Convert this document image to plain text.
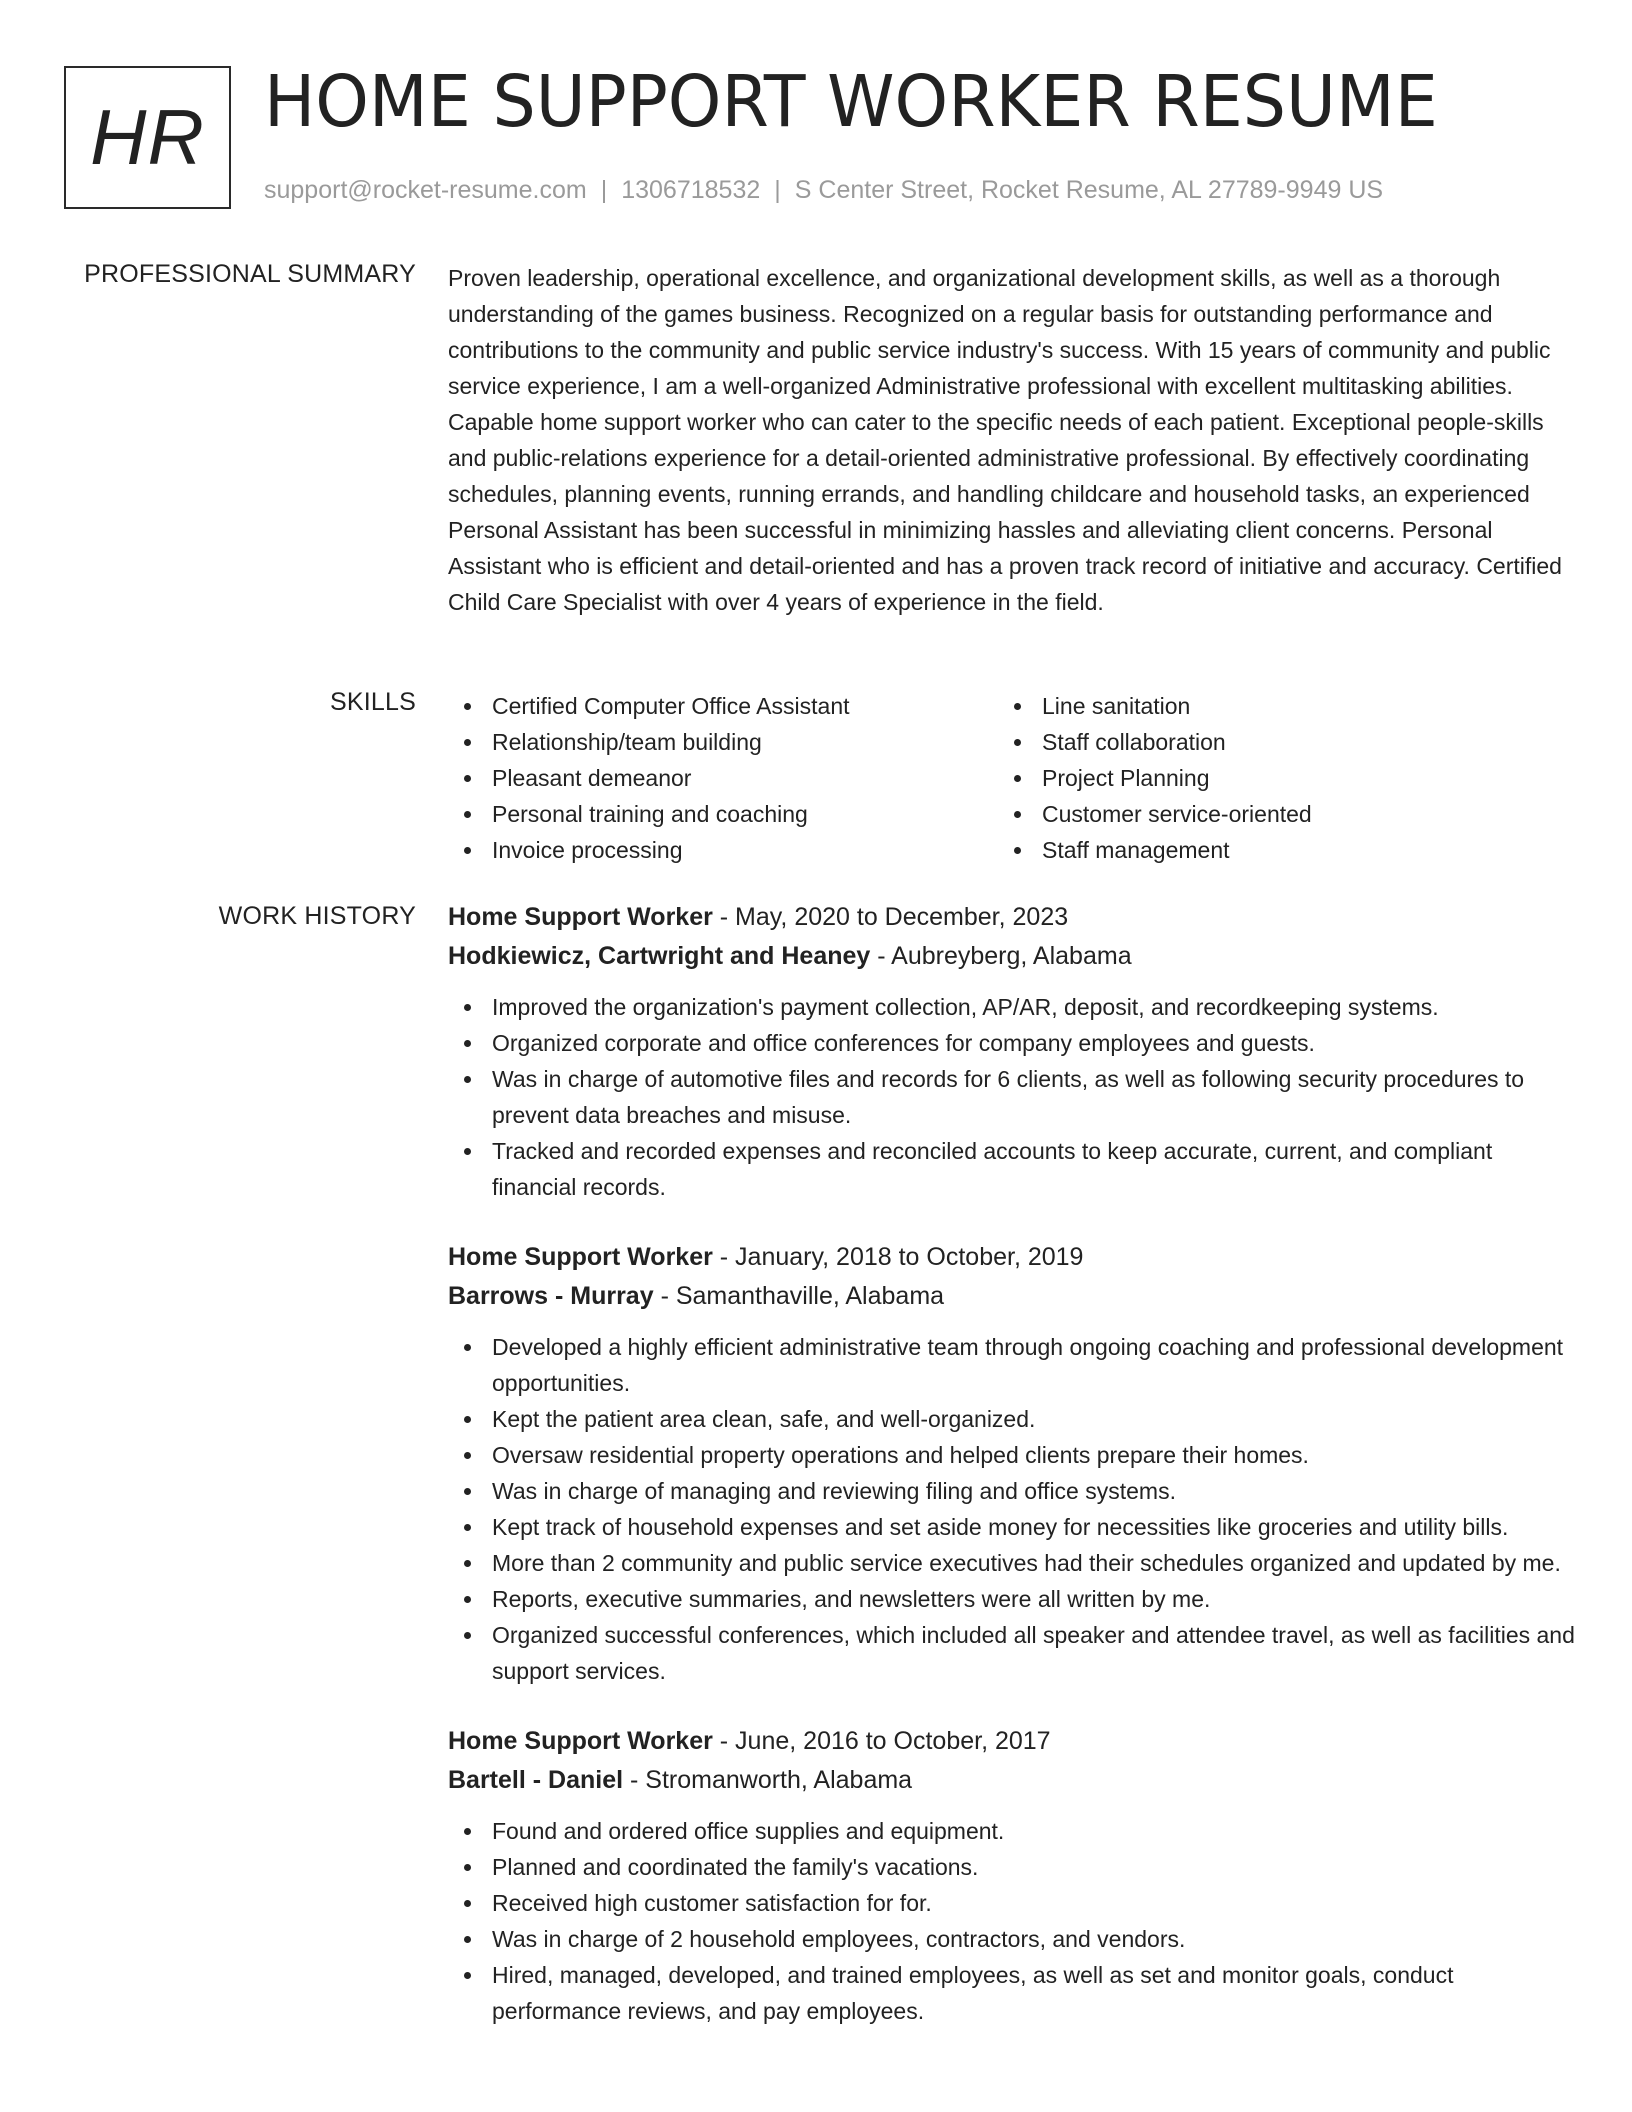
HR HOME SUPPORT WORKER RESUME
support@rocket-resume.com | 1306718532 | S Center Street, Rocket Resume, AL 27789-9949 US
PROFESSIONAL SUMMARY Proven leadership, operational excellence, and organizational development skills, as well as a thorough understanding of the games business. Recognized on a regular basis for outstanding performance and contributions to the community and public service industry's success. With 15 years of community and public service experience, I am a well-organized Administrative professional with excellent multitasking abilities. Capable home support worker who can cater to the specific needs of each patient. Exceptional people-skills and public-relations experience for a detail-oriented administrative professional. By effectively coordinating schedules, planning events, running errands, and handling childcare and household tasks, an experienced Personal Assistant has been successful in minimizing hassles and alleviating client concerns. Personal Assistant who is efficient and detail-oriented and has a proven track record of initiative and accuracy. Certified Child Care Specialist with over 4 years of experience in the field.

SKILLS	Certified Computer Office Assistant
Relationship/team building
Pleasant demeanor
Personal training and coaching
Invoice processing
Line sanitation
Staff collaboration
Project Planning
Customer service-oriented
Staff management
WORK HISTORY Home Support Worker - May, 2020 to December, 2023
Hodkiewicz, Cartwright and Heaney - Aubreyberg, Alabama
Improved the organization's payment collection, AP/AR, deposit, and recordkeeping systems.
Organized corporate and office conferences for company employees and guests.
Was in charge of automotive files and records for 6 clients, as well as following security procedures to prevent data breaches and misuse.
Tracked and recorded expenses and reconciled accounts to keep accurate, current, and compliant financial records.
Home Support Worker - January, 2018 to October, 2019
Barrows - Murray - Samanthaville, Alabama
Developed a highly efficient administrative team through ongoing coaching and professional development opportunities.
Kept the patient area clean, safe, and well-organized.
Oversaw residential property operations and helped clients prepare their homes.
Was in charge of managing and reviewing filing and office systems.
Kept track of household expenses and set aside money for necessities like groceries and utility bills.
More than 2 community and public service executives had their schedules organized and updated by me.
Reports, executive summaries, and newsletters were all written by me.
Organized successful conferences, which included all speaker and attendee travel, as well as facilities and support services.
Home Support Worker - June, 2016 to October, 2017
Bartell - Daniel - Stromanworth, Alabama
Found and ordered office supplies and equipment.
Planned and coordinated the family's vacations.
Received high customer satisfaction for for.
Was in charge of 2 household employees, contractors, and vendors.
Hired, managed, developed, and trained employees, as well as set and monitor goals, conduct performance reviews, and pay employees.
